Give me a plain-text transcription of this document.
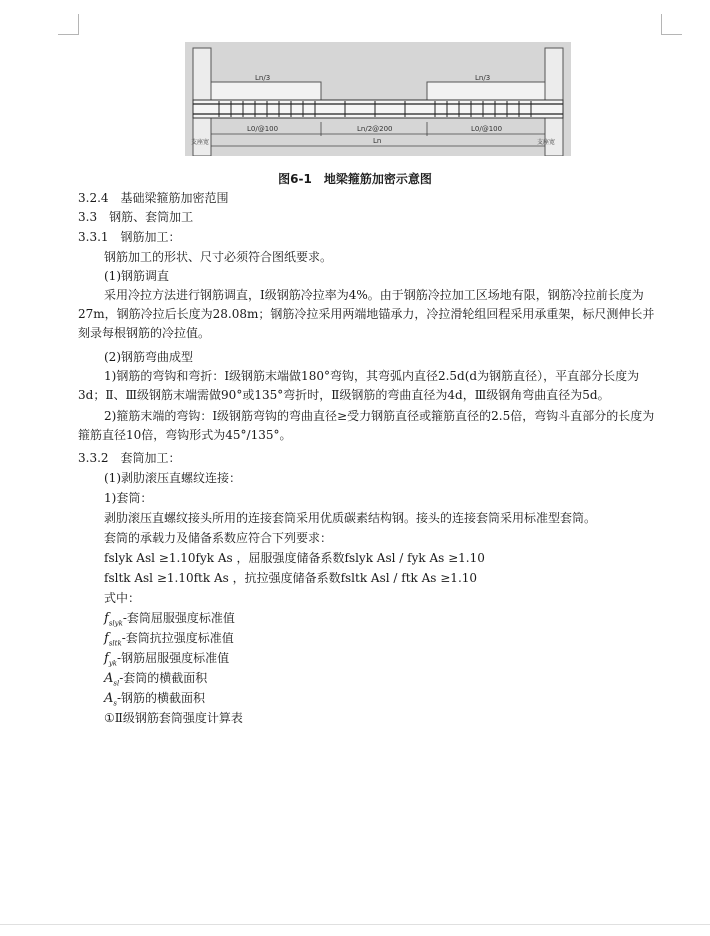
Ln/3	Ln/3
L0/@100	Ln/2@200	L0/@100
Ln
支座宽	支座宽
图6-1 地梁箍筋加密示意图
3.2.4　基础梁箍筋加密范围
3.3　钢筋、套筒加工
3.3.1　钢筋加工：
钢筋加工的形状、尺寸必须符合图纸要求。
(1)钢筋调直
采用冷拉方法进行钢筋调直，Ⅰ级钢筋冷拉率为4%。由于钢筋冷拉加工区场地有限，钢筋冷拉前长度为27m，钢筋冷拉后长度为28.08m；钢筋冷拉采用两端地锚承力，冷拉滑轮组回程采用承重架，标尺测伸长并刻录每根钢筋的冷拉值。
(2)钢筋弯曲成型
1)钢筋的弯钩和弯折：Ⅰ级钢筋末端做180°弯钩，其弯弧内直径2.5d(d为钢筋直径），平直部分长度为3d；Ⅱ、Ⅲ级钢筋末端需做90°或135°弯折时，Ⅱ级钢筋的弯曲直径为4d，Ⅲ级钢角弯曲直径为5d。
2)箍筋末端的弯钩：Ⅰ级钢筋弯钩的弯曲直径≥受力钢筋直径或箍筋直径的2.5倍，弯钩斗直部分的长度为箍筋直径10倍，弯钩形式为45°/135°。
3.3.2　套筒加工：
(1)剥肋滚压直螺纹连接：
1)套筒：
剥肋滚压直螺纹接头所用的连接套筒采用优质碳素结构钢。接头的连接套筒采用标准型套筒。
套筒的承载力及储备系数应符合下列要求：
fslyk Asl ≥1.10fyk As ，屈服强度储备系数fslyk Asl / fyk As ≥1.10
fsltk Asl ≥1.10ftk As ，抗拉强度储备系数fsltk Asl / ftk As ≥1.10
式中：
$f_{slyk}-$套筒屈服强度标准值
$f_{sltk}-$套筒抗拉强度标准值
$f_{yk}-$钢筋屈服强度标准值
$A_{sl}-$套筒的横截面积
$A_s-$钢筋的横截面积
①Ⅱ级钢筋套筒强度计算表
